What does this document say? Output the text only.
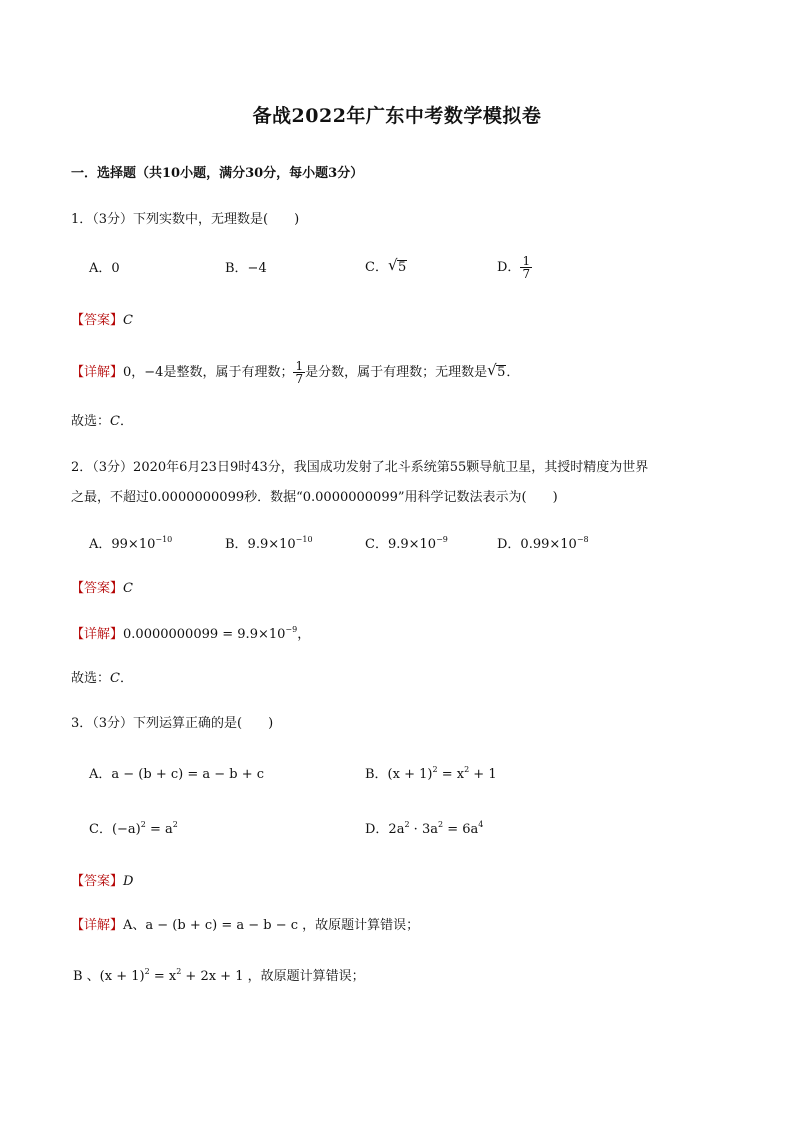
备战2022年广东中考数学模拟卷
一．选择题（共10小题，满分30分，每小题3分）
1．（3分）下列实数中，无理数是(　　)
A．0	B．−4	C． √ 5	D． $\frac{1}{7}$
【答案】C
【详解】0，−4是整数，属于有理数； $\frac{1}{7}$ 是分数，属于有理数；无理数是 √ 5．
故选：C．
2．（3分）2020年6月23日9时43分，我国成功发射了北斗系统第55颗导航卫星，其授时精度为世界
之最，不超过0.0000000099秒．数据“0.0000000099”用科学记数法表示为(　　)
A．$99\times 10^{-10}$	B．$9.9\times 10^{-10}$	C．$9.9\times 10^{-9}$	D．$0.99\times 10^{-8}$
【答案】C
【详解】$0.0000000099 = 9.9\times 10^{-9}$，
故选：C．
3．（3分）下列运算正确的是(　　)
A．a − (b + c) = a − b + c	B．$(x + 1)^2 = x^2 + 1$
C．$(-a)^2 = a^2$	D．$2a^2 \cdot 3a^2 = 6a^4$
【答案】D
【详解】A、a − (b + c) = a − b − c ，故原题计算错误；
B 、$(x + 1)^2 = x^2 + 2x + 1$ ，故原题计算错误；
